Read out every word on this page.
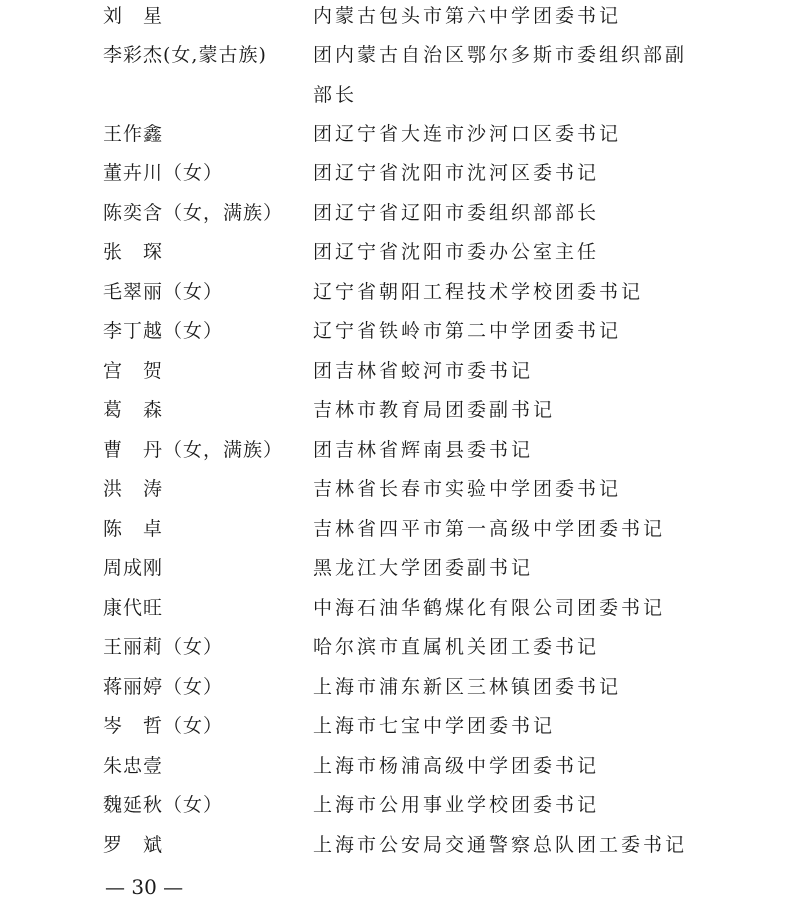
刘　星	内蒙古包头市第六中学团委书记
李彩杰(女,蒙古族) 团内蒙古自治区鄂尔多斯市委组织部副
部长
王作鑫	团辽宁省大连市沙河口区委书记
董卉川（女）	团辽宁省沈阳市沈河区委书记
陈奕含（女，满族） 团辽宁省辽阳市委组织部部长
张　琛	团辽宁省沈阳市委办公室主任
毛翠丽（女）	辽宁省朝阳工程技术学校团委书记
李丁越（女）	辽宁省铁岭市第二中学团委书记
宫　贺	团吉林省蛟河市委书记
葛　森	吉林市教育局团委副书记
曹　丹（女，满族） 团吉林省辉南县委书记
洪　涛	吉林省长春市实验中学团委书记
陈　卓	吉林省四平市第一高级中学团委书记
周成刚	黑龙江大学团委副书记
康代旺	中海石油华鹤煤化有限公司团委书记
王丽莉（女）	哈尔滨市直属机关团工委书记
蒋丽婷（女）	上海市浦东新区三林镇团委书记
岑　哲（女）	上海市七宝中学团委书记
朱忠壹	上海市杨浦高级中学团委书记
魏延秋（女）	上海市公用事业学校团委书记
罗　斌	上海市公安局交通警察总队团工委书记
— 30 —
